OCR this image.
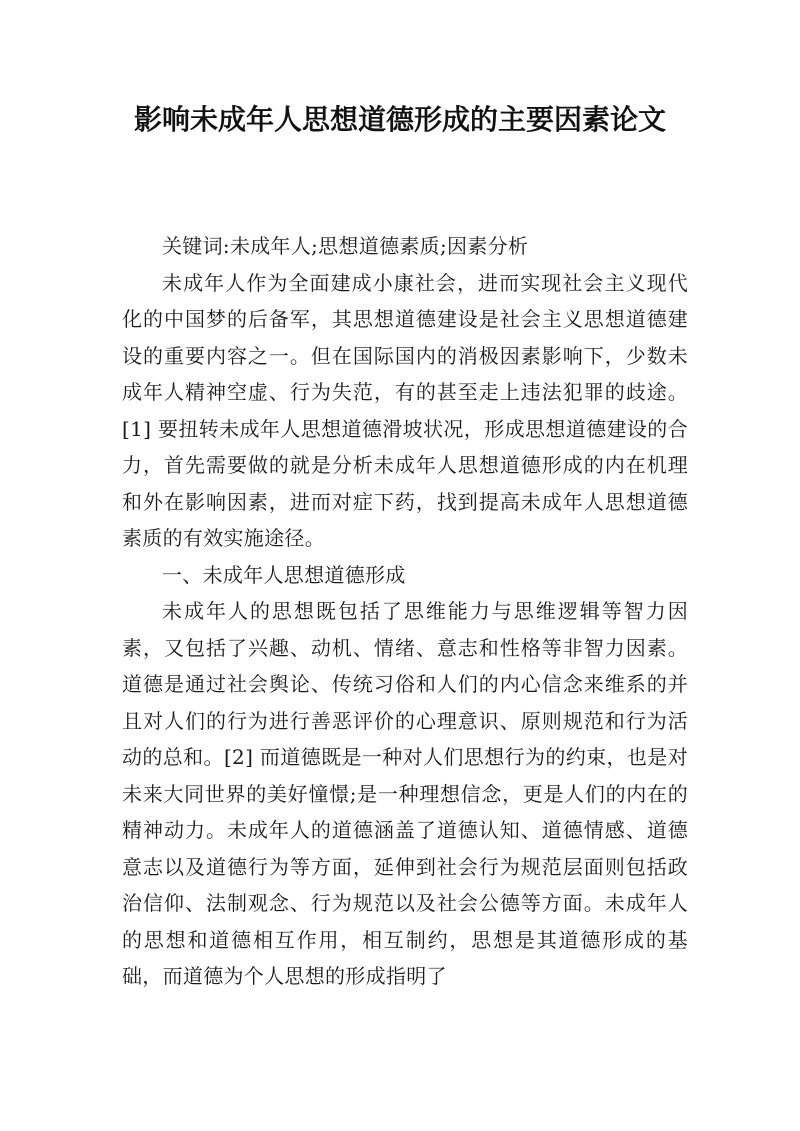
影响未成年人思想道德形成的主要因素论文

关键词:未成年人;思想道德素质;因素分析

未成年人作为全面建成小康社会，进而实现社会主义现代化的中国梦的后备军，其思想道德建设是社会主义思想道德建设的重要内容之一。但在国际国内的消极因素影响下，少数未成年人精神空虚、行为失范，有的甚至走上违法犯罪的歧途。[1] 要扭转未成年人思想道德滑坡状况，形成思想道德建设的合力，首先需要做的就是分析未成年人思想道德形成的内在机理和外在影响因素，进而对症下药，找到提高未成年人思想道德素质的有效实施途径。

一、未成年人思想道德形成

未成年人的思想既包括了思维能力与思维逻辑等智力因素，又包括了兴趣、动机、情绪、意志和性格等非智力因素。道德是通过社会舆论、传统习俗和人们的内心信念来维系的并且对人们的行为进行善恶评价的心理意识、原则规范和行为活动的总和。[2] 而道德既是一种对人们思想行为的约束，也是对未来大同世界的美好憧憬;是一种理想信念，更是人们的内在的精神动力。未成年人的道德涵盖了道德认知、道德情感、道德意志以及道德行为等方面，延伸到社会行为规范层面则包括政治信仰、法制观念、行为规范以及社会公德等方面。未成年人的思想和道德相互作用，相互制约，思想是其道德形成的基础，而道德为个人思想的形成指明了
